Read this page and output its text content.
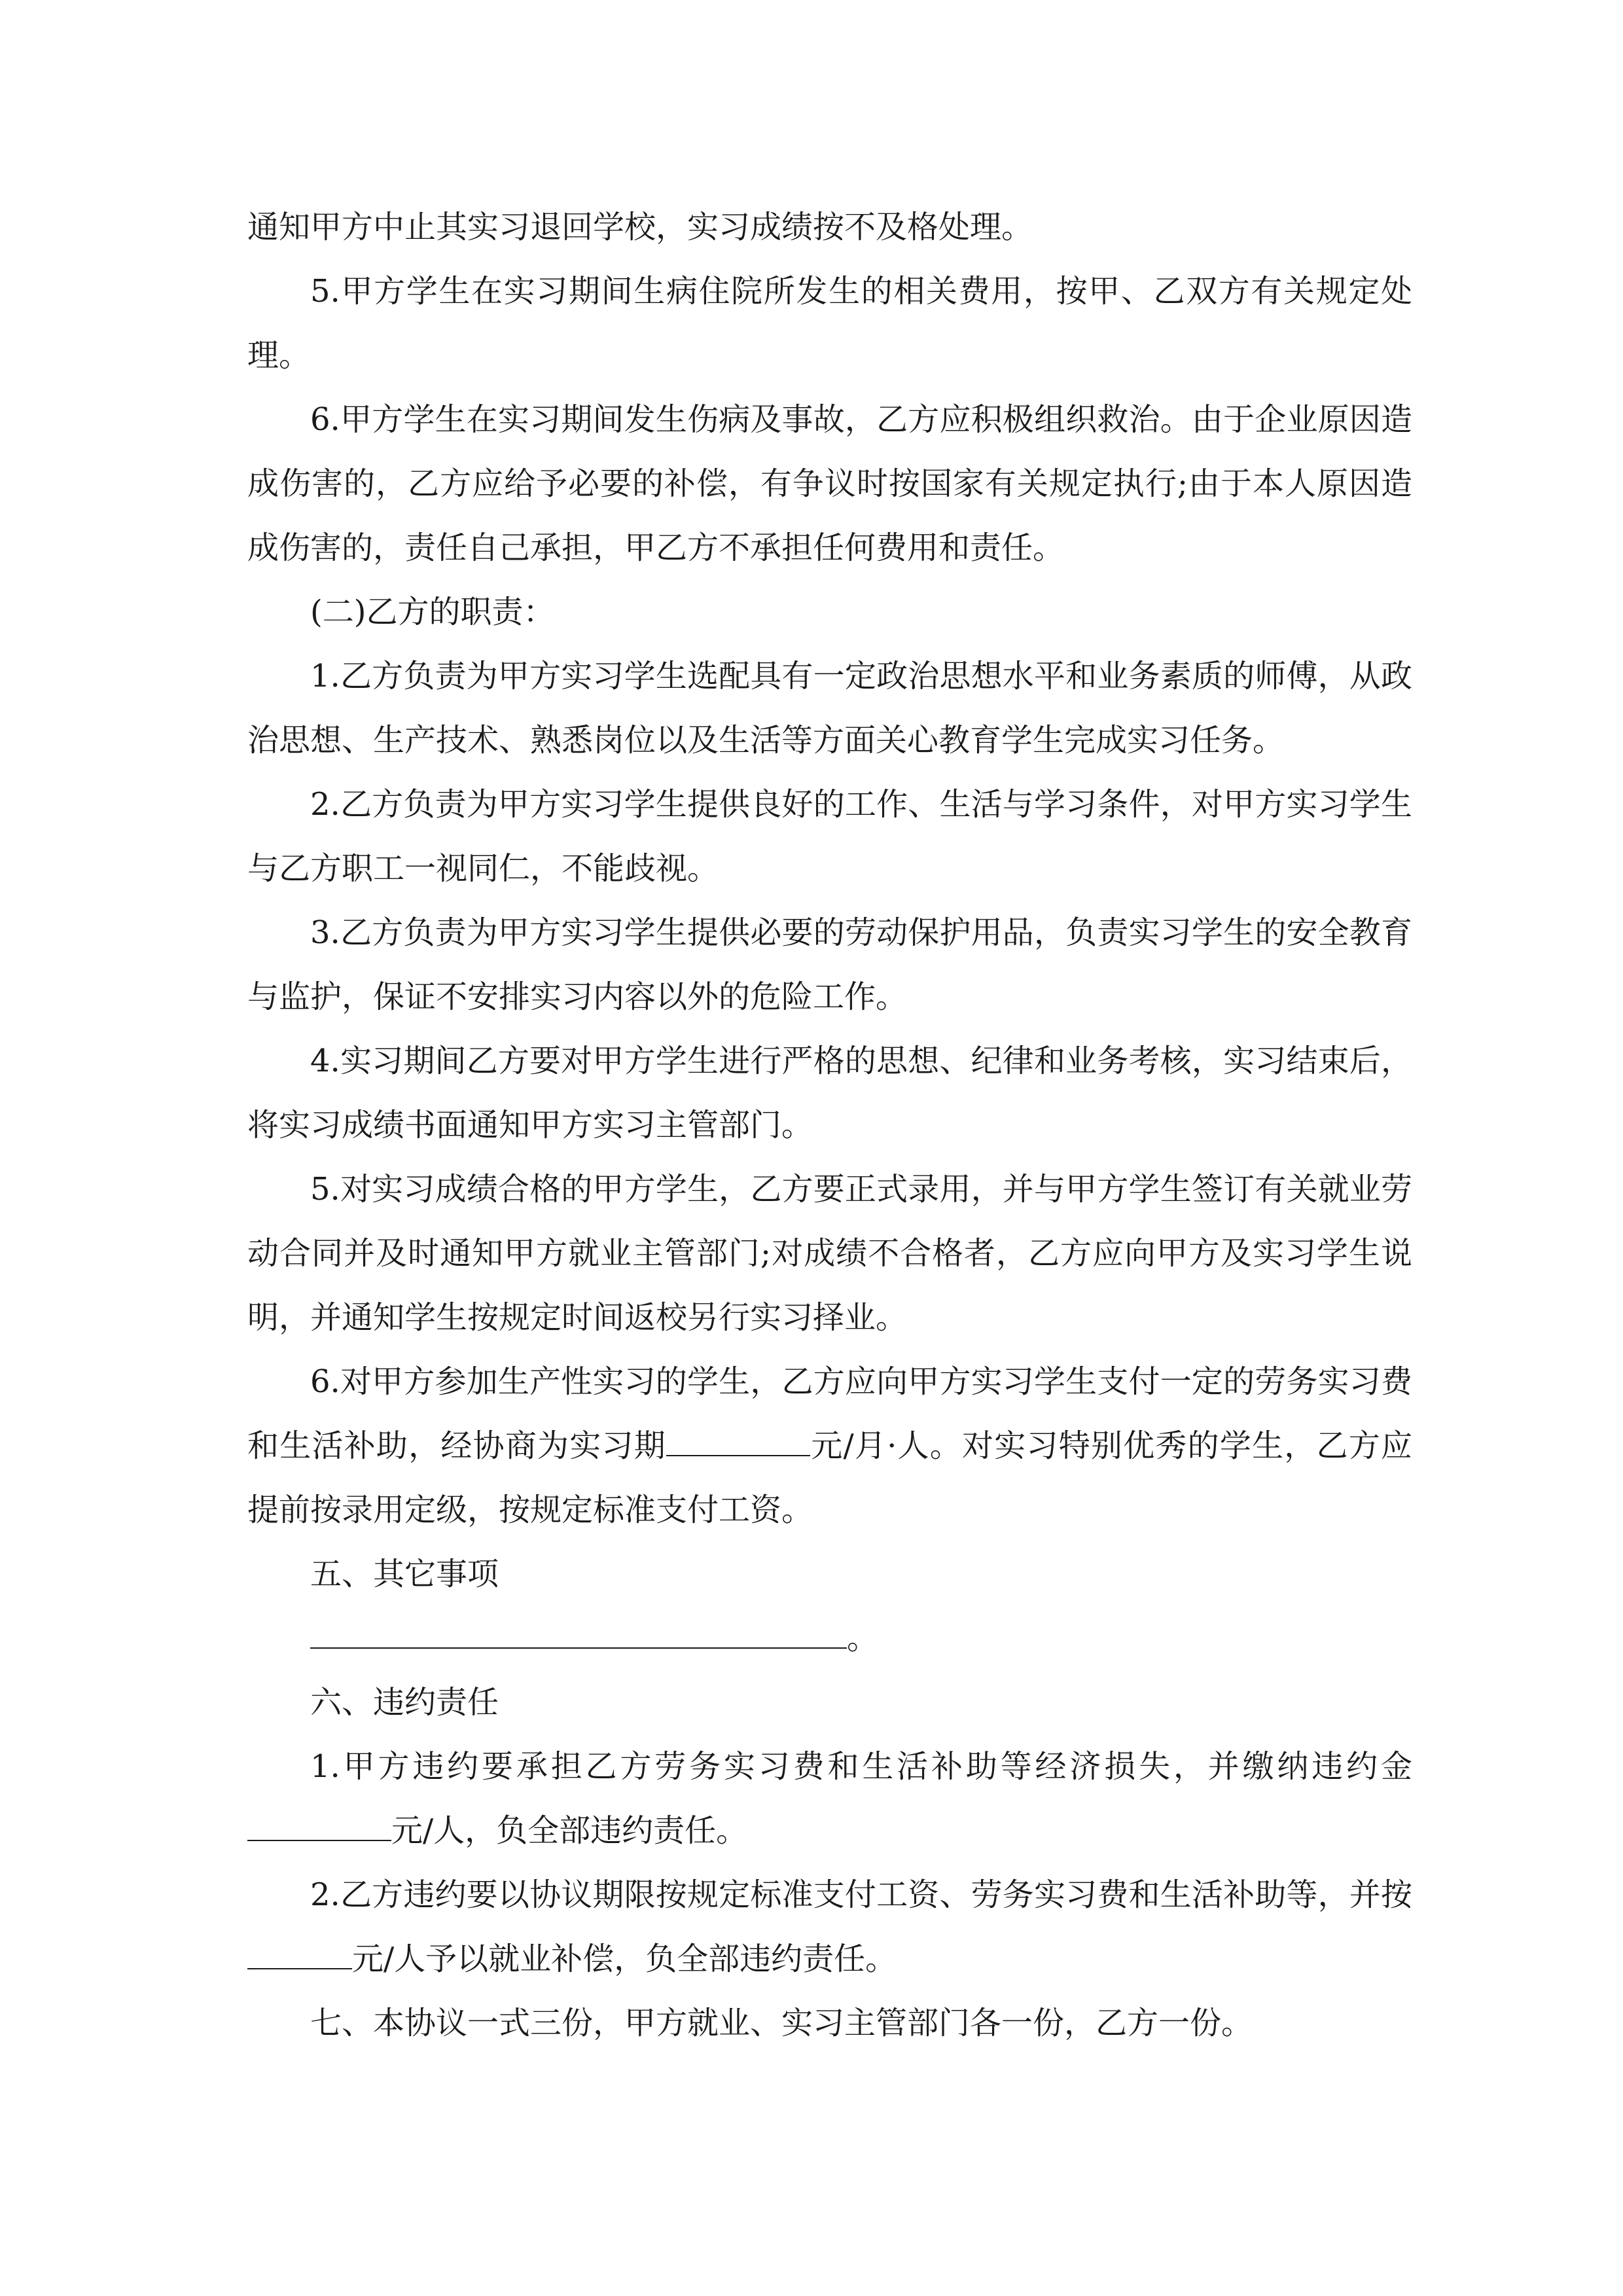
通知甲方中止其实习退回学校，实习成绩按不及格处理。

5.甲方学生在实习期间生病住院所发生的相关费用，按甲、乙双方有关规定处理。

6.甲方学生在实习期间发生伤病及事故，乙方应积极组织救治。由于企业原因造成伤害的，乙方应给予必要的补偿，有争议时按国家有关规定执行;由于本人原因造成伤害的，责任自己承担，甲乙方不承担任何费用和责任。

(二)乙方的职责：

1.乙方负责为甲方实习学生选配具有一定政治思想水平和业务素质的师傅，从政治思想、生产技术、熟悉岗位以及生活等方面关心教育学生完成实习任务。

2.乙方负责为甲方实习学生提供良好的工作、生活与学习条件，对甲方实习学生与乙方职工一视同仁，不能歧视。

3.乙方负责为甲方实习学生提供必要的劳动保护用品，负责实习学生的安全教育与监护，保证不安排实习内容以外的危险工作。

4.实习期间乙方要对甲方学生进行严格的思想、纪律和业务考核，实习结束后，将实习成绩书面通知甲方实习主管部门。

5.对实习成绩合格的甲方学生，乙方要正式录用，并与甲方学生签订有关就业劳动合同并及时通知甲方就业主管部门;对成绩不合格者，乙方应向甲方及实习学生说明，并通知学生按规定时间返校另行实习择业。

6.对甲方参加生产性实习的学生，乙方应向甲方实习学生支付一定的劳务实习费和生活补助，经协商为实习期	元/月·人。对实习特别优秀的学生，乙方应提前按录用定级，按规定标准支付工资。

五、其它事项

。

六、违约责任

1.甲方违约要承担乙方劳务实习费和生活补助等经济损失，并缴纳违约金元/人，负全部违约责任。

2.乙方违约要以协议期限按规定标准支付工资、劳务实习费和生活补助等，并按元/人予以就业补偿，负全部违约责任。

七、本协议一式三份，甲方就业、实习主管部门各一份，乙方一份。
